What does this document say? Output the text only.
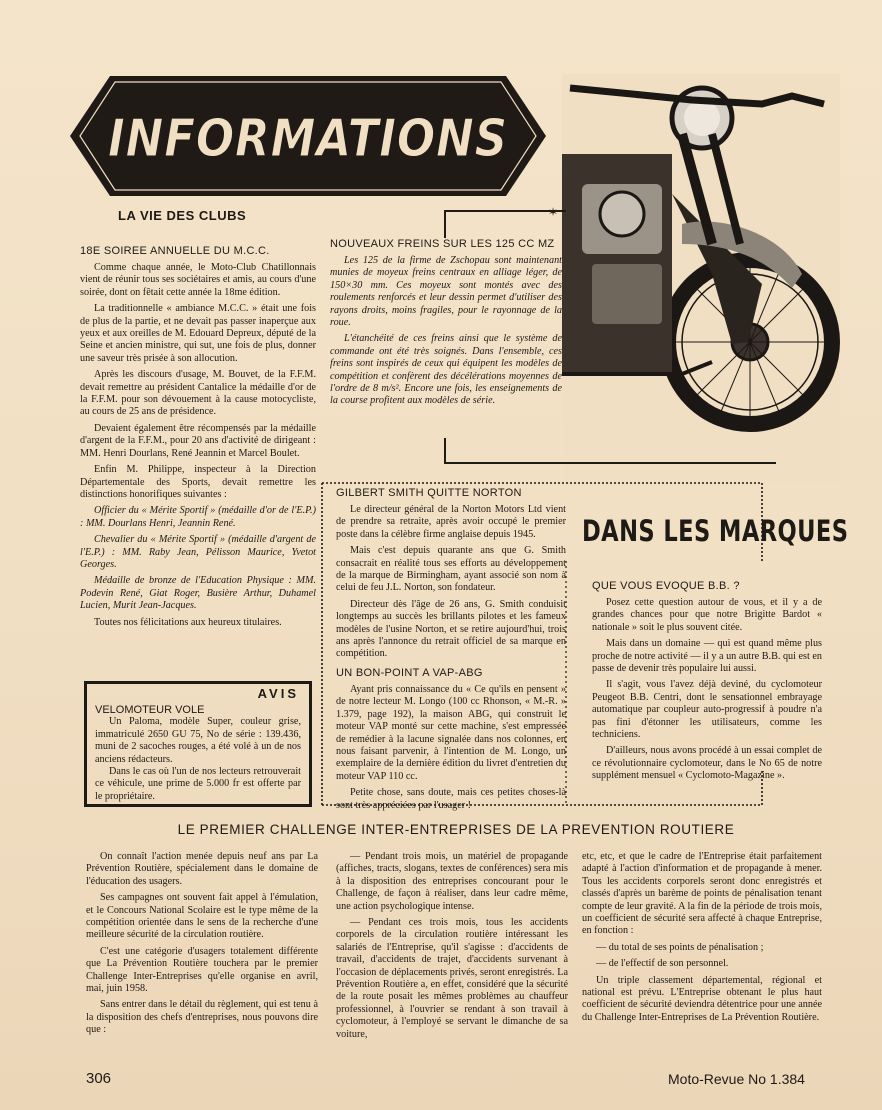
INFORMATIONS
✶
LA VIE DES CLUBS
18E SOIREE ANNUELLE DU M.C.C.

Comme chaque année, le Moto-Club Chatillonnais vient de réunir tous ses sociétaires et amis, au cours d'une soirée, dont on fêtait cette année la 18me édition.

La traditionnelle « ambiance M.C.C. » était une fois de plus de la partie, et ne devait pas passer inaperçue aux yeux et aux oreilles de M. Edouard Depreux, député de la Seine et ancien ministre, qui sut, une fois de plus, donner une saveur très prisée à son allocution.

Après les discours d'usage, M. Bouvet, de la F.F.M. devait remettre au président Cantalice la médaille d'or de la F.F.M. pour son dévouement à la cause motocycliste, au cours de 25 ans de présidence.

Devaient également être récompensés par la médaille d'argent de la F.F.M., pour 20 ans d'activité de dirigeant : MM. Henri Dourlans, René Jeannin et Marcel Boulet.

Enfin M. Philippe, inspecteur à la Direction Départementale des Sports, devait remettre les distinctions honorifiques suivantes :

Officier du « Mérite Sportif » (médaille d'or de l'E.P.) : MM. Dourlans Henri, Jeannin René.

Chevalier du « Mérite Sportif » (médaille d'argent de l'E.P.) : MM. Raby Jean, Pélisson Maurice, Yvetot Georges.

Médaille de bronze de l'Education Physique : MM. Podevin René, Giat Roger, Busière Arthur, Duhamel Lucien, Murit Jean-Jacques.

Toutes nos félicitations aux heureux titulaires.

NOUVEAUX FREINS SUR LES 125 CC MZ

Les 125 de la firme de Zschopau sont maintenant munies de moyeux freins centraux en alliage léger, de 150×30 mm. Ces moyeux sont montés avec des roulements renforcés et leur dessin permet d'utiliser des rayons droits, moins fragiles, pour le rayonnage de la roue.

L'étanchéité de ces freins ainsi que le système de commande ont été très soignés. Dans l'ensemble, ces freins sont inspirés de ceux qui équipent les modèles de compétition et confèrent des décélérations moyennes de l'ordre de 8 m/s². Encore une fois, les enseignements de la course profitent aux modèles de série.

AVIS
VELOMOTEUR VOLE

Un Paloma, modèle Super, couleur grise, immatriculé 2650 GU 75, No de série : 139.436, muni de 2 sacoches rouges, a été volé à un de nos anciens rédacteurs.

Dans le cas où l'un de nos lecteurs retrouverait ce véhicule, une prime de 5.000 fr est offerte par le propriétaire.

DANS LES MARQUES
GILBERT SMITH QUITTE NORTON

Le directeur général de la Norton Motors Ltd vient de prendre sa retraite, après avoir occupé le premier poste dans la célèbre firme anglaise depuis 1945.

Mais c'est depuis quarante ans que G. Smith consacrait en réalité tous ses efforts au développement de la marque de Birmingham, ayant associé son nom à celui de feu J.L. Norton, son fondateur.

Directeur dès l'âge de 26 ans, G. Smith conduisit longtemps au succès les brillants pilotes et les fameux modèles de l'usine Norton, et se retire aujourd'hui, trois ans après l'annonce du retrait officiel de sa marque en compétition.

UN BON-POINT A VAP-ABG

Ayant pris connaissance du « Ce qu'ils en pensent » de notre lecteur M. Longo (100 cc Rhonson, « M.-R. » 1.379, page 192), la maison ABG, qui construit le moteur VAP monté sur cette machine, s'est empressée de remédier à la lacune signalée dans nos colonnes, en nous faisant parvenir, à l'intention de M. Longo, un exemplaire de la dernière édition du livret d'entretien du moteur VAP 110 cc.

Petite chose, sans doute, mais ces petites choses-là sont très appréciées par l'usager !

QUE VOUS EVOQUE B.B. ?

Posez cette question autour de vous, et il y a de grandes chances pour que notre Brigitte Bardot « nationale » soit le plus souvent citée.

Mais dans un domaine — qui est quand même plus proche de notre activité — il y a un autre B.B. qui est en passe de devenir très populaire lui aussi.

Il s'agit, vous l'avez déjà deviné, du cyclomoteur Peugeot B.B. Centri, dont le sensationnel embrayage automatique par coupleur auto-progressif à poudre n'a pas fini d'étonner les utilisateurs, comme les techniciens.

D'ailleurs, nous avons procédé à un essai complet de ce révolutionnaire cyclomoteur, dans le No 65 de notre supplément mensuel « Cyclomoto-Magazine ».

LE PREMIER CHALLENGE INTER-ENTREPRISES DE LA PREVENTION ROUTIERE

On connaît l'action menée depuis neuf ans par La Prévention Routière, spécialement dans le domaine de l'éducation des usagers.

Ses campagnes ont souvent fait appel à l'émulation, et le Concours National Scolaire est le type même de la compétition orientée dans le sens de la recherche d'une meilleure sécurité de la circulation routière.

C'est une catégorie d'usagers totalement différente que La Prévention Routière touchera par le premier Challenge Inter-Entreprises qu'elle organise en avril, mai, juin 1958.

Sans entrer dans le détail du règlement, qui est tenu à la disposition des chefs d'entreprises, nous pouvons dire que :

— Pendant trois mois, un matériel de propagande (affiches, tracts, slogans, textes de conférences) sera mis à la disposition des entreprises concourant pour le Challenge, de façon à réaliser, dans leur cadre même, une action psychologique intense.

— Pendant ces trois mois, tous les accidents corporels de la circulation routière intéressant les salariés de l'Entreprise, qu'il s'agisse : d'accidents de travail, d'accidents de trajet, d'accidents survenant à l'occasion de déplacements privés, seront enregistrés. La Prévention Routière a, en effet, considéré que la sécurité de la route posait les mêmes problèmes au chauffeur professionnel, à l'ouvrier se rendant à son travail à cyclomoteur, à l'employé se servant le dimanche de sa voiture,

etc, etc, et que le cadre de l'Entreprise était parfaitement adapté à l'action d'information et de propagande à mener. Tous les accidents corporels seront donc enregistrés et classés d'après un barème de points de pénalisation tenant compte de leur gravité. A la fin de la période de trois mois, un coefficient de sécurité sera affecté à chaque Entreprise, en fonction :

— du total de ses points de pénalisation ;

— de l'effectif de son personnel.

Un triple classement départemental, régional et national est prévu. L'Entreprise obtenant le plus haut coefficient de sécurité deviendra détentrice pour une année du Challenge Inter-Entreprises de La Prévention Routière.

306	Moto-Revue No 1.384
